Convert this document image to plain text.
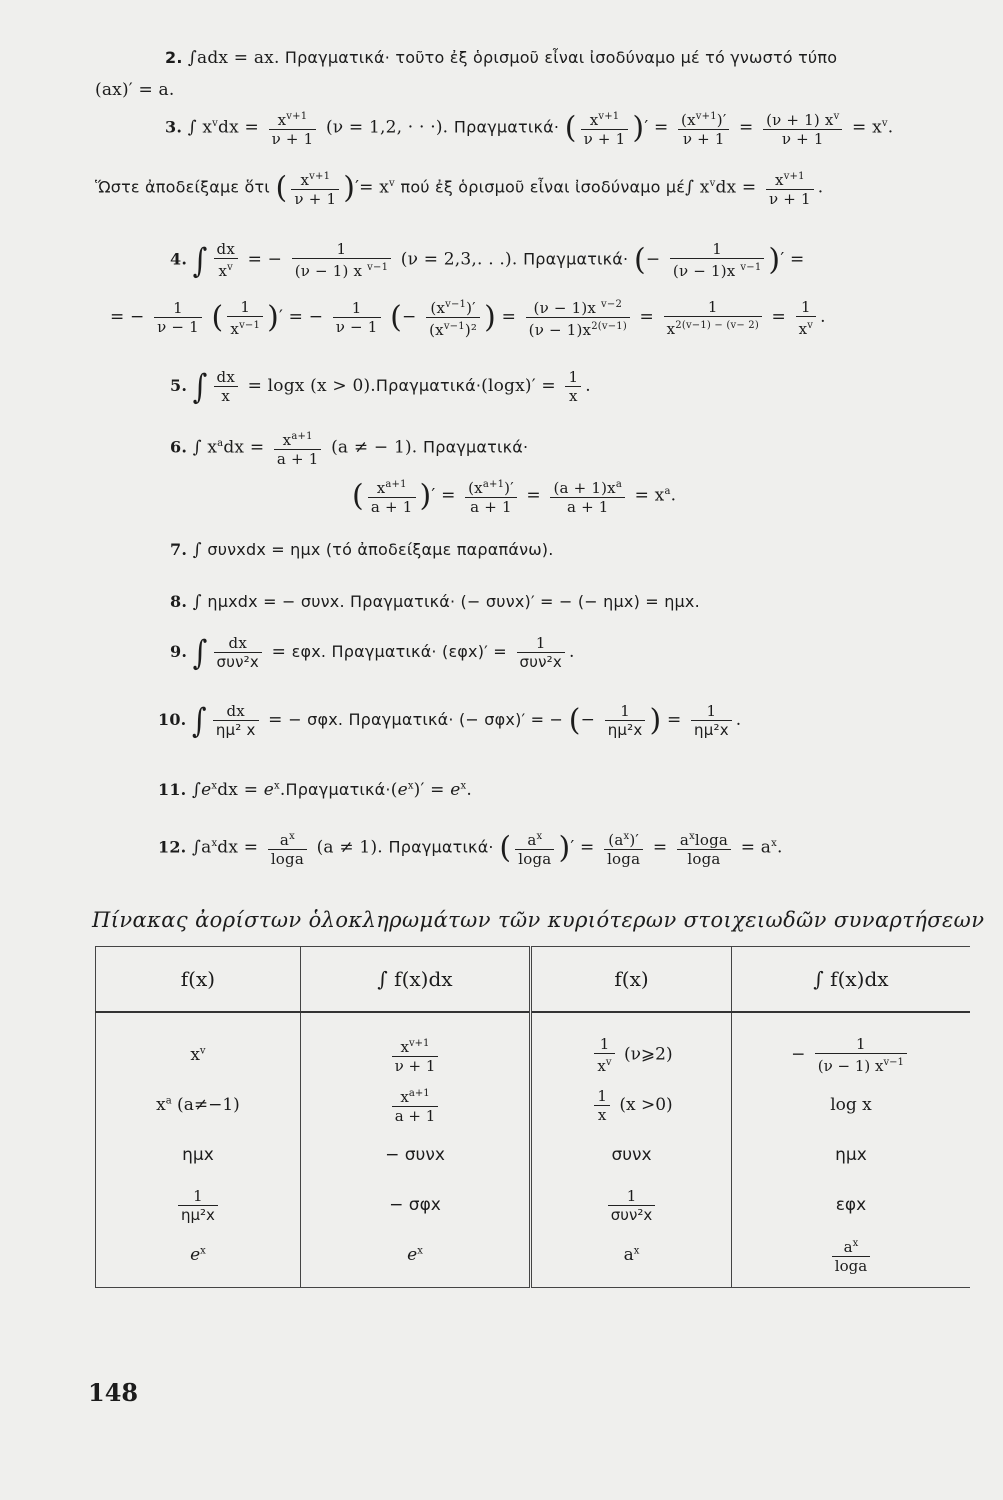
2. ∫adx = ax. Πραγματικά· τοῦτο ἐξ ὁρισμοῦ εἶναι ἰσοδύναμο μέ τό γνωστό τύπο
(ax)′ = a.
3. ∫ $x^vdx = \frac{x^{v+1}}{\nu + 1} (\nu = 1,2$, · · ·). Πραγματικά· ( $\frac{x^{v+1}}{\nu + 1}$ )′ = $\frac{(x^{v+1})'}{\nu + 1} = \frac{(\nu + 1) x^v}{\nu + 1} = x^v$.
Ὥστε ἀποδείξαμε ὅτι ( $\frac{x^{v+1}}{\nu + 1}$ )′= $x^v$ πού ἐξ ὁρισμοῦ εἶναι ἰσοδύναμο μέ∫ $x^vdx = \frac{x^{v+1}}{\nu + 1}$ .
4. ∫ $\frac{dx}{x^v}$ = − $\frac{1}{(\nu - 1) x ^{v-1}} (\nu = 2,3$,. . .). Πραγματικά· (− $\frac{1}{(\nu - 1)x ^{v-1}}$ )′ =
= − $\frac{1}{\nu - 1}$ ( $\frac{1}{x^{v-1}}$ )′ = − $\frac{1}{\nu - 1}$ (− $\frac{(x^{v-1})'}{(x^{v-1})^2}$ ) = $\frac{(\nu - 1)x ^{v-2}}{(\nu - 1)x^{2(v-1)}} = \frac{1}{x^{2(v-1) - (v- 2)}} = \frac{1}{x^v}$ .
5. ∫ $\frac{dx}{x} = \log x$ $(x > 0).\Pi\rho\alpha\gamma\mu\alpha\tau\iota\kappa ά\cdot(\log x)' = \frac{1}{x}$ .
6. ∫ $x^adx = \frac{x^{a+1}}{a + 1} (a$ ≠ − 1). Πραγματικά·
( $\frac{x^{a+1}}{a + 1}$ )′ = $\frac{(x^{a+1})'}{a + 1} = \frac{(a + 1)x^a}{a + 1} = x^a$.
7. ∫ συνxdx = ημx (τό ἀποδείξαμε παραπάνω).
8. ∫ ημxdx = − συνx. Πραγματικά· (− συνx)′ = − (− ημx) = ημx.
9. ∫ $\frac{dx}{\text{συν²x}} = \varepsilon\varphi x$. $\Pi\rho\alpha\gamma\mu\alpha\tau\iota\kappa ά\cdot (\varepsilon\varphi x)' = \frac{1}{\text{συν²x}}$ .
10. ∫ $\frac{dx}{\text{ημ² x}}$ = − σφx. Πραγματικά· (− σφx)′ = − (− $\frac{1}{\text{ημ²x}}$ ) = $\frac{1}{\text{ημ²x}}$ .
11. $\int e^xdx = e^x.\Pi\rho\alpha\gamma\mu\alpha\tau\iota\kappa ά\cdot(e^x)' = e^x$.
12. $\int a^xdx = \frac{a^x}{\log a} (a \ne 1)$. Πραγματικά· ( $\frac{a^x}{\log a}$ )′ = $\frac{(a^x)'}{\log a} = \frac{a^x\log a}{\log a} = a^x$.
Πίνακας ἀορίστων ὁλοκληρωμάτων τῶν κυριότερων στοιχειωδῶν συναρτήσεων
f(x)	∫ f(x)dx	f(x)	∫ f(x)dx
$x^v$	$\frac{x^{v+1}}{\nu + 1}$	$\frac{1}{x^v}$ (ν⩾2)	− $\frac{1}{(\nu - 1) x^{v-1}}$

$x^a$ (a≠−1)	$\frac{x^{a+1}}{a + 1}$	$\frac{1}{x} (x >0)$	log x
ημx	− συνx	συνx	ημx

$\frac{1}{\text{ημ²x}}$	− σφx	$\frac{1}{\text{συν²x}}$	εφx
$e^x$	$e^x$	$a^x$	$\frac{a^x}{\log a}$
148
